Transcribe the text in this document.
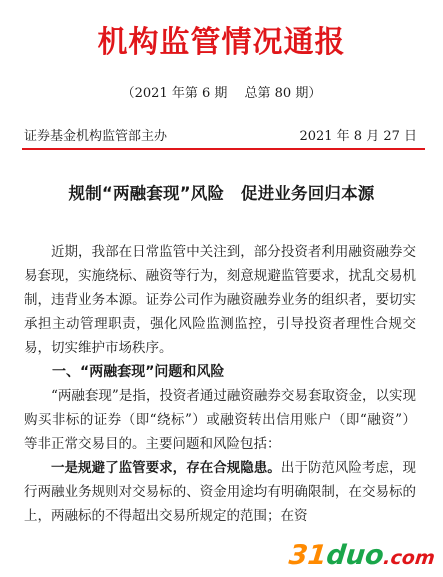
机构监管情况通报
（2021 年第 6 期　 总第 80 期）
证券基金机构监管部主办	2021 年 8 月 27 日
规制“两融套现”风险　促进业务回归本源

近期，我部在日常监管中关注到，部分投资者利用融资融券交易套现，实施绕标、融资等行为，刻意规避监管要求，扰乱交易机制，违背业务本源。证券公司作为融资融券业务的组织者，要切实承担主动管理职责，强化风险监测监控，引导投资者理性合规交易，切实维护市场秩序。

一、“两融套现”问题和风险

“两融套现”是指，投资者通过融资融券交易套取资金，以实现购买非标的证券（即“绕标”）或融资转出信用账户（即“融资”）等非正常交易目的。主要问题和风险包括：

一是规避了监管要求，存在合规隐患。出于防范风险考虑，现行两融业务规则对交易标的、资金用途均有明确限制，在交易标的上，两融标的不得超出交易所规定的范围；在资

31duo.com
